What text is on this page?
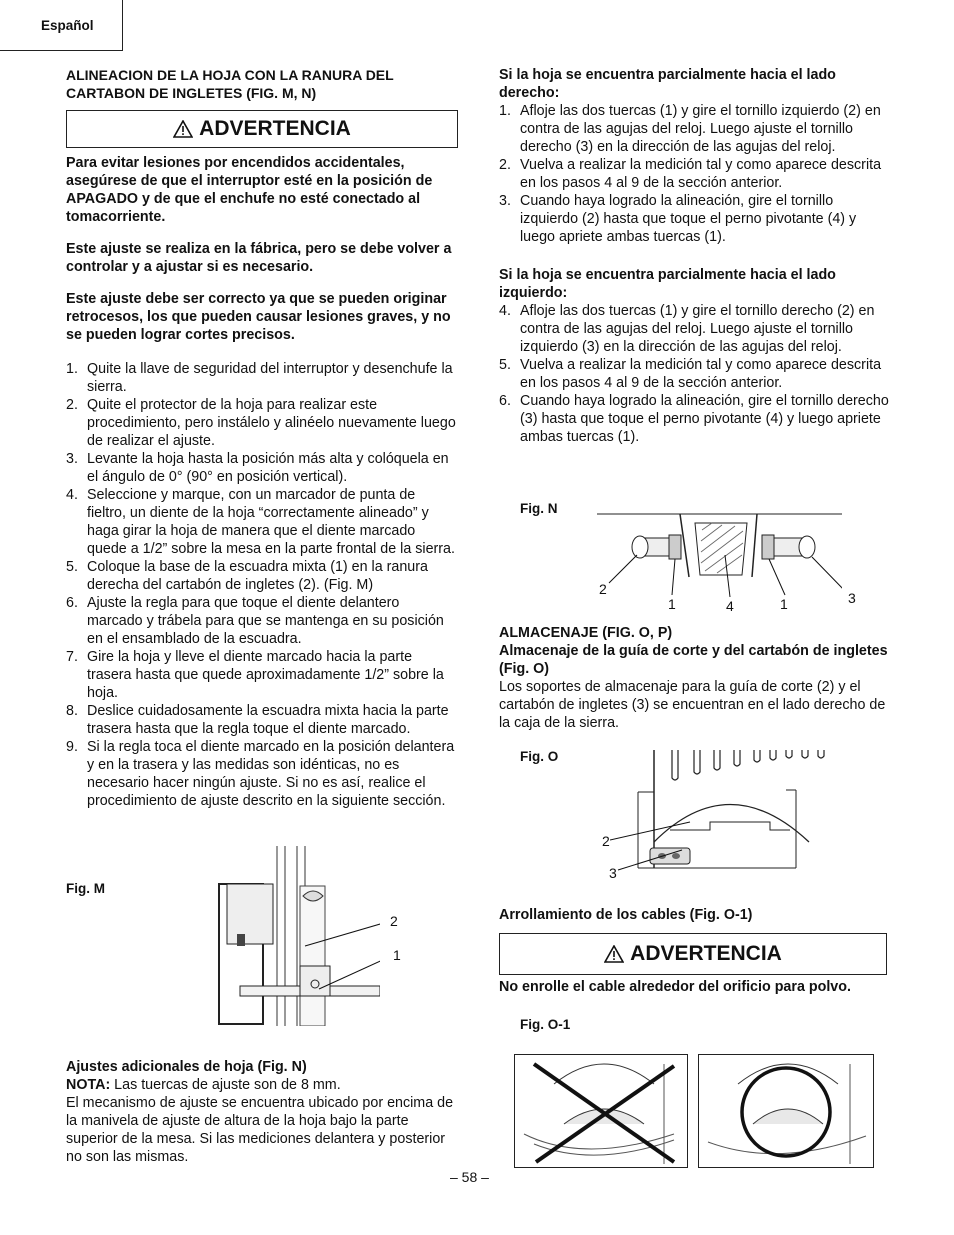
Español

ALINEACION DE LA HOJA CON LA RANURA DEL CARTABON DE INGLETES (FIG. M, N)

ADVERTENCIA

Para evitar lesiones por encendidos accidentales, asegúrese de que el interruptor esté en la posición de APAGADO y de que el enchufe no esté conectado al tomacorriente.

Este ajuste se realiza en la fábrica, pero se debe volver a controlar y a ajustar si es necesario.

Este ajuste debe ser correcto ya que se pueden originar retrocesos, los que pueden causar lesiones graves, y no se pueden lograr cortes precisos.

1. Quite la llave de seguridad del interruptor y desenchufe la sierra.
2. Quite el protector de la hoja para realizar este procedimiento, pero instálelo y alinéelo nuevamente luego de realizar el ajuste.
3. Levante la hoja hasta la posición más alta y colóquela en el ángulo de 0° (90° en posición vertical).
4. Seleccione y marque, con un marcador de punta de fieltro, un diente de la hoja “correctamente alineado” y haga girar la hoja de manera que el diente marcado quede a 1/2” sobre la mesa en la parte frontal de la sierra.
5. Coloque la base de la escuadra mixta (1) en la ranura derecha del cartabón de ingletes (2). (Fig. M)
6. Ajuste la regla para que toque el diente delantero marcado y trábela para que se mantenga en su posición en el ensamblado de la escuadra.
7. Gire la hoja y lleve el diente marcado hacia la parte trasera hasta que quede aproximadamente 1/2” sobre la hoja.
8. Deslice cuidadosamente la escuadra mixta hacia la parte trasera hasta que la regla toque el diente marcado.
9. Si la regla toca el diente marcado en la posición delantera y en la trasera y las medidas son idénticas, no es necesario hacer ningún ajuste. Si no es así, realice el procedimiento de ajuste descrito en la siguiente sección.
Fig. M
2
1

Ajustes adicionales de hoja (Fig. N)

NOTA: Las tuercas de ajuste son de 8 mm.

El mecanismo de ajuste se encuentra ubicado por encima de la manivela de ajuste de altura de la hoja bajo la parte superior de la mesa. Si las mediciones delantera y posterior no son las mismas.

Si la hoja se encuentra parcialmente hacia el lado derecho:

1. Afloje las dos tuercas (1) y gire el tornillo izquierdo (2) en contra de las agujas del reloj. Luego ajuste el tornillo derecho (3) en la dirección de las agujas del reloj.
2. Vuelva a realizar la medición tal y como aparece descrita en los pasos 4 al 9 de la sección anterior.
3. Cuando haya logrado la alineación, gire el tornillo izquierdo (2) hasta que toque el perno pivotante (4) y luego apriete ambas tuercas (1).

Si la hoja se encuentra parcialmente hacia el lado izquierdo:

4. Afloje las dos tuercas (1) y gire el tornillo derecho (2) en contra de las agujas del reloj. Luego ajuste el tornillo izquierdo (3) en la dirección de las agujas del reloj.
5. Vuelva a realizar la medición tal y como aparece descrita en los pasos 4 al 9 de la sección anterior.
6. Cuando haya logrado la alineación, gire el tornillo derecho (3) hasta que toque el perno pivotante (4) y luego apriete ambas tuercas (1).
Fig. N
2
1	4	1	3

ALMACENAJE (FIG. O, P)

Almacenaje de la guía de corte y del cartabón de ingletes (Fig. O)

Los soportes de almacenaje para la guía de corte (2) y el cartabón de ingletes (3) se encuentran en el lado derecho de la caja de la sierra.

Fig. O
2
3

Arrollamiento de los cables (Fig. O-1)

ADVERTENCIA

No enrolle el cable alrededor del orificio para polvo.

Fig. O-1
– 58 –
